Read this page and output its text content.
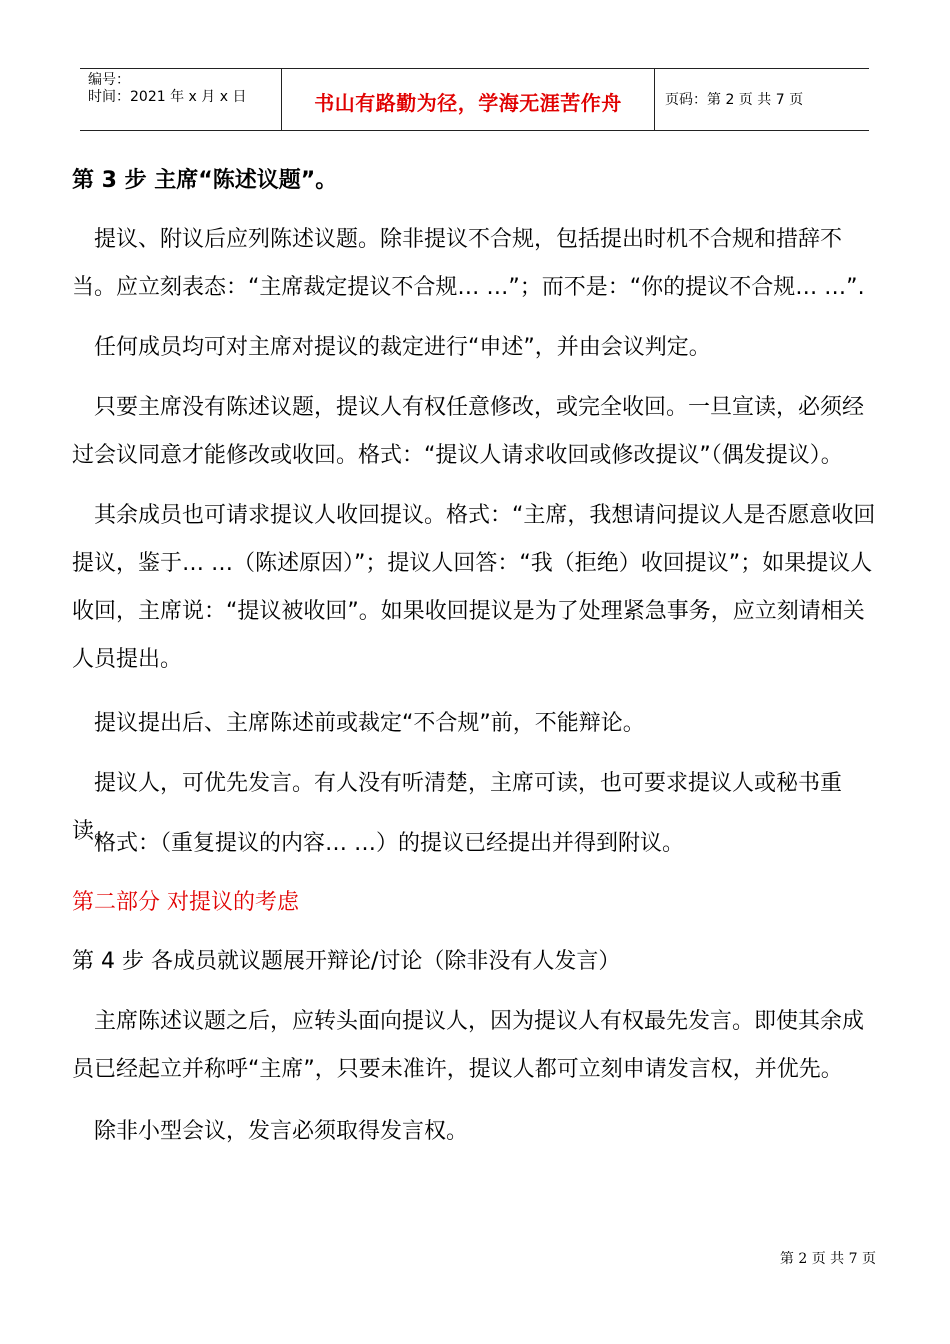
编号：
时间：2021 年 x 月 x 日	书山有路勤为径，学海无涯苦作舟	页码：第 2 页 共 7 页

第 3 步 主席“陈述议题”。

提议、附议后应列陈述议题。除非提议不合规，包括提出时机不合规和措辞不当。应立刻表态：“主席裁定提议不合规… …”；而不是：“你的提议不合规… …”.

任何成员均可对主席对提议的裁定进行“申述”，并由会议判定。

只要主席没有陈述议题，提议人有权任意修改，或完全收回。一旦宣读，必须经过会议同意才能修改或收回。格式：“提议人请求收回或修改提议”（偶发提议）。

其余成员也可请求提议人收回提议。格式：“主席，我想请问提议人是否愿意收回提议，鉴于… …（陈述原因）”；提议人回答：“我（拒绝）收回提议”；如果提议人收回，主席说：“提议被收回”。如果收回提议是为了处理紧急事务，应立刻请相关人员提出。

提议提出后、主席陈述前或裁定“不合规”前，不能辩论。

提议人，可优先发言。有人没有听清楚，主席可读，也可要求提议人或秘书重读。

格式：（重复提议的内容… …）的提议已经提出并得到附议。

第二部分 对提议的考虑

第 4 步 各成员就议题展开辩论/讨论（除非没有人发言）

主席陈述议题之后，应转头面向提议人，因为提议人有权最先发言。即使其余成员已经起立并称呼“主席”，只要未准许，提议人都可立刻申请发言权，并优先。

除非小型会议，发言必须取得发言权。

第 2 页 共 7 页
